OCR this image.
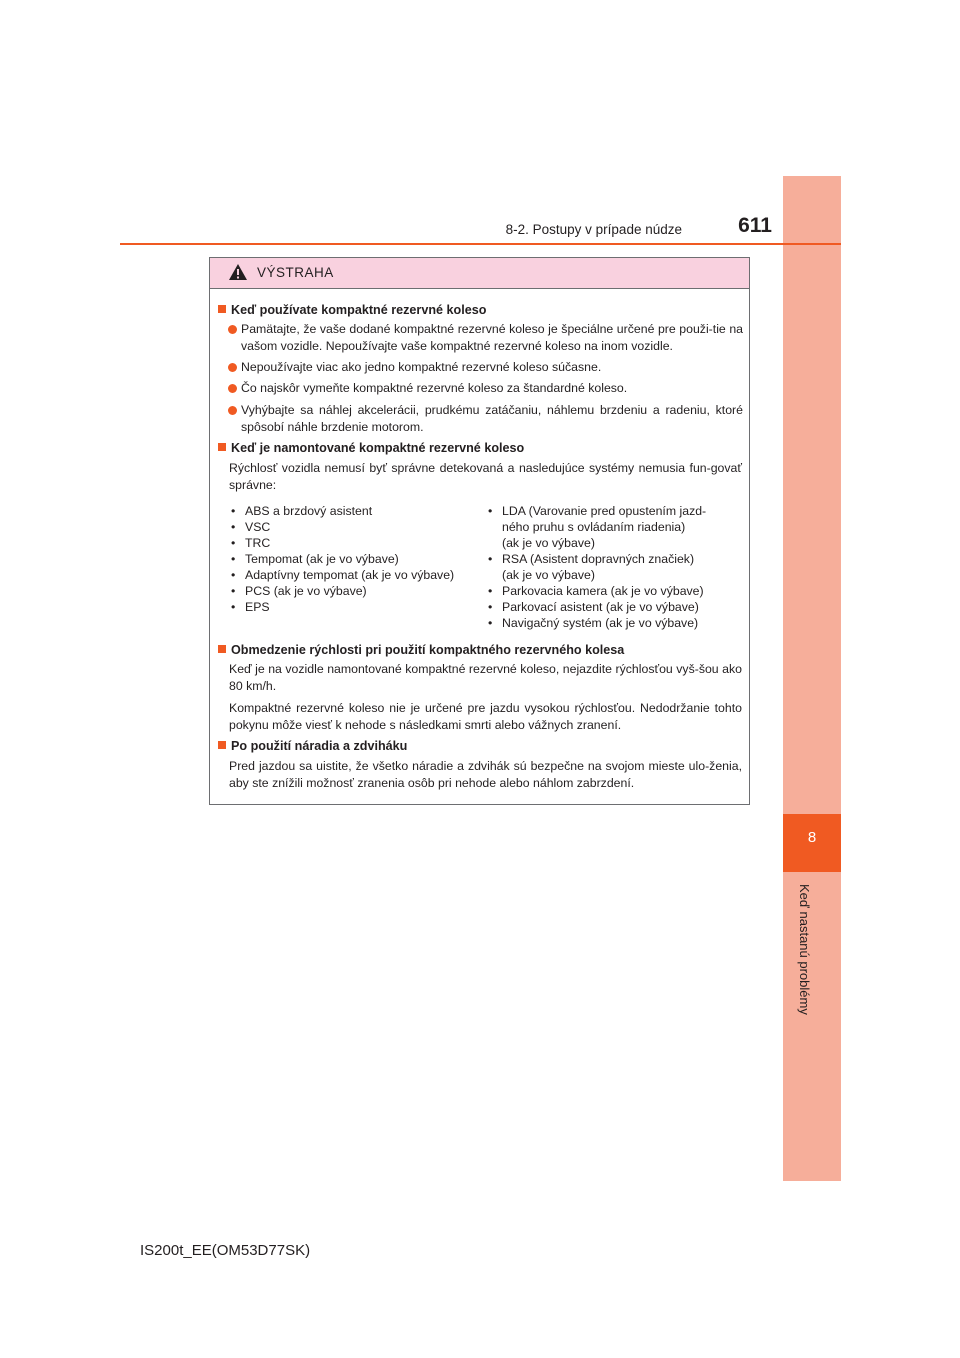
8
Keď nastanú problémy
8-2. Postupy v prípade núdze	611
VÝSTRAHA
Keď používate kompaktné rezervné koleso
Pamätajte, že vaše dodané kompaktné rezervné koleso je špeciálne určené pre použi-tie na vašom vozidle. Nepoužívajte vaše kompaktné rezervné koleso na inom vozidle.
Nepoužívajte viac ako jedno kompaktné rezervné koleso súčasne.
Čo najskôr vymeňte kompaktné rezervné koleso za štandardné koleso.
Vyhýbajte sa náhlej akcelerácii, prudkému zatáčaniu, náhlemu brzdeniu a radeniu, ktoré spôsobí náhle brzdenie motorom.
Keď je namontované kompaktné rezervné koleso
Rýchlosť vozidla nemusí byť správne detekovaná a nasledujúce systémy nemusia fun-govať správne:
• ABS a brzdový asistent
• VSC
• TRC
• Tempomat (ak je vo výbave)
• Adaptívny tempomat (ak je vo výbave)
• PCS (ak je vo výbave)
• EPS
• LDA (Varovanie pred opustením jazd-
ného pruhu s ovládaním riadenia)
(ak je vo výbave)
• RSA (Asistent dopravných značiek)
(ak je vo výbave)
• Parkovacia kamera (ak je vo výbave)
• Parkovací asistent (ak je vo výbave)
• Navigačný systém (ak je vo výbave)
Obmedzenie rýchlosti pri použití kompaktného rezervného kolesa
Keď je na vozidle namontované kompaktné rezervné koleso, nejazdite rýchlosťou vyš-šou ako 80 km/h.
Kompaktné rezervné koleso nie je určené pre jazdu vysokou rýchlosťou. Nedodržanie tohto pokynu môže viesť k nehode s následkami smrti alebo vážnych zranení.
Po použití náradia a zdviháku
Pred jazdou sa uistite, že všetko náradie a zdvihák sú bezpečne na svojom mieste ulo-ženia, aby ste znížili možnosť zranenia osôb pri nehode alebo náhlom zabrzdení.
IS200t_EE(OM53D77SK)
